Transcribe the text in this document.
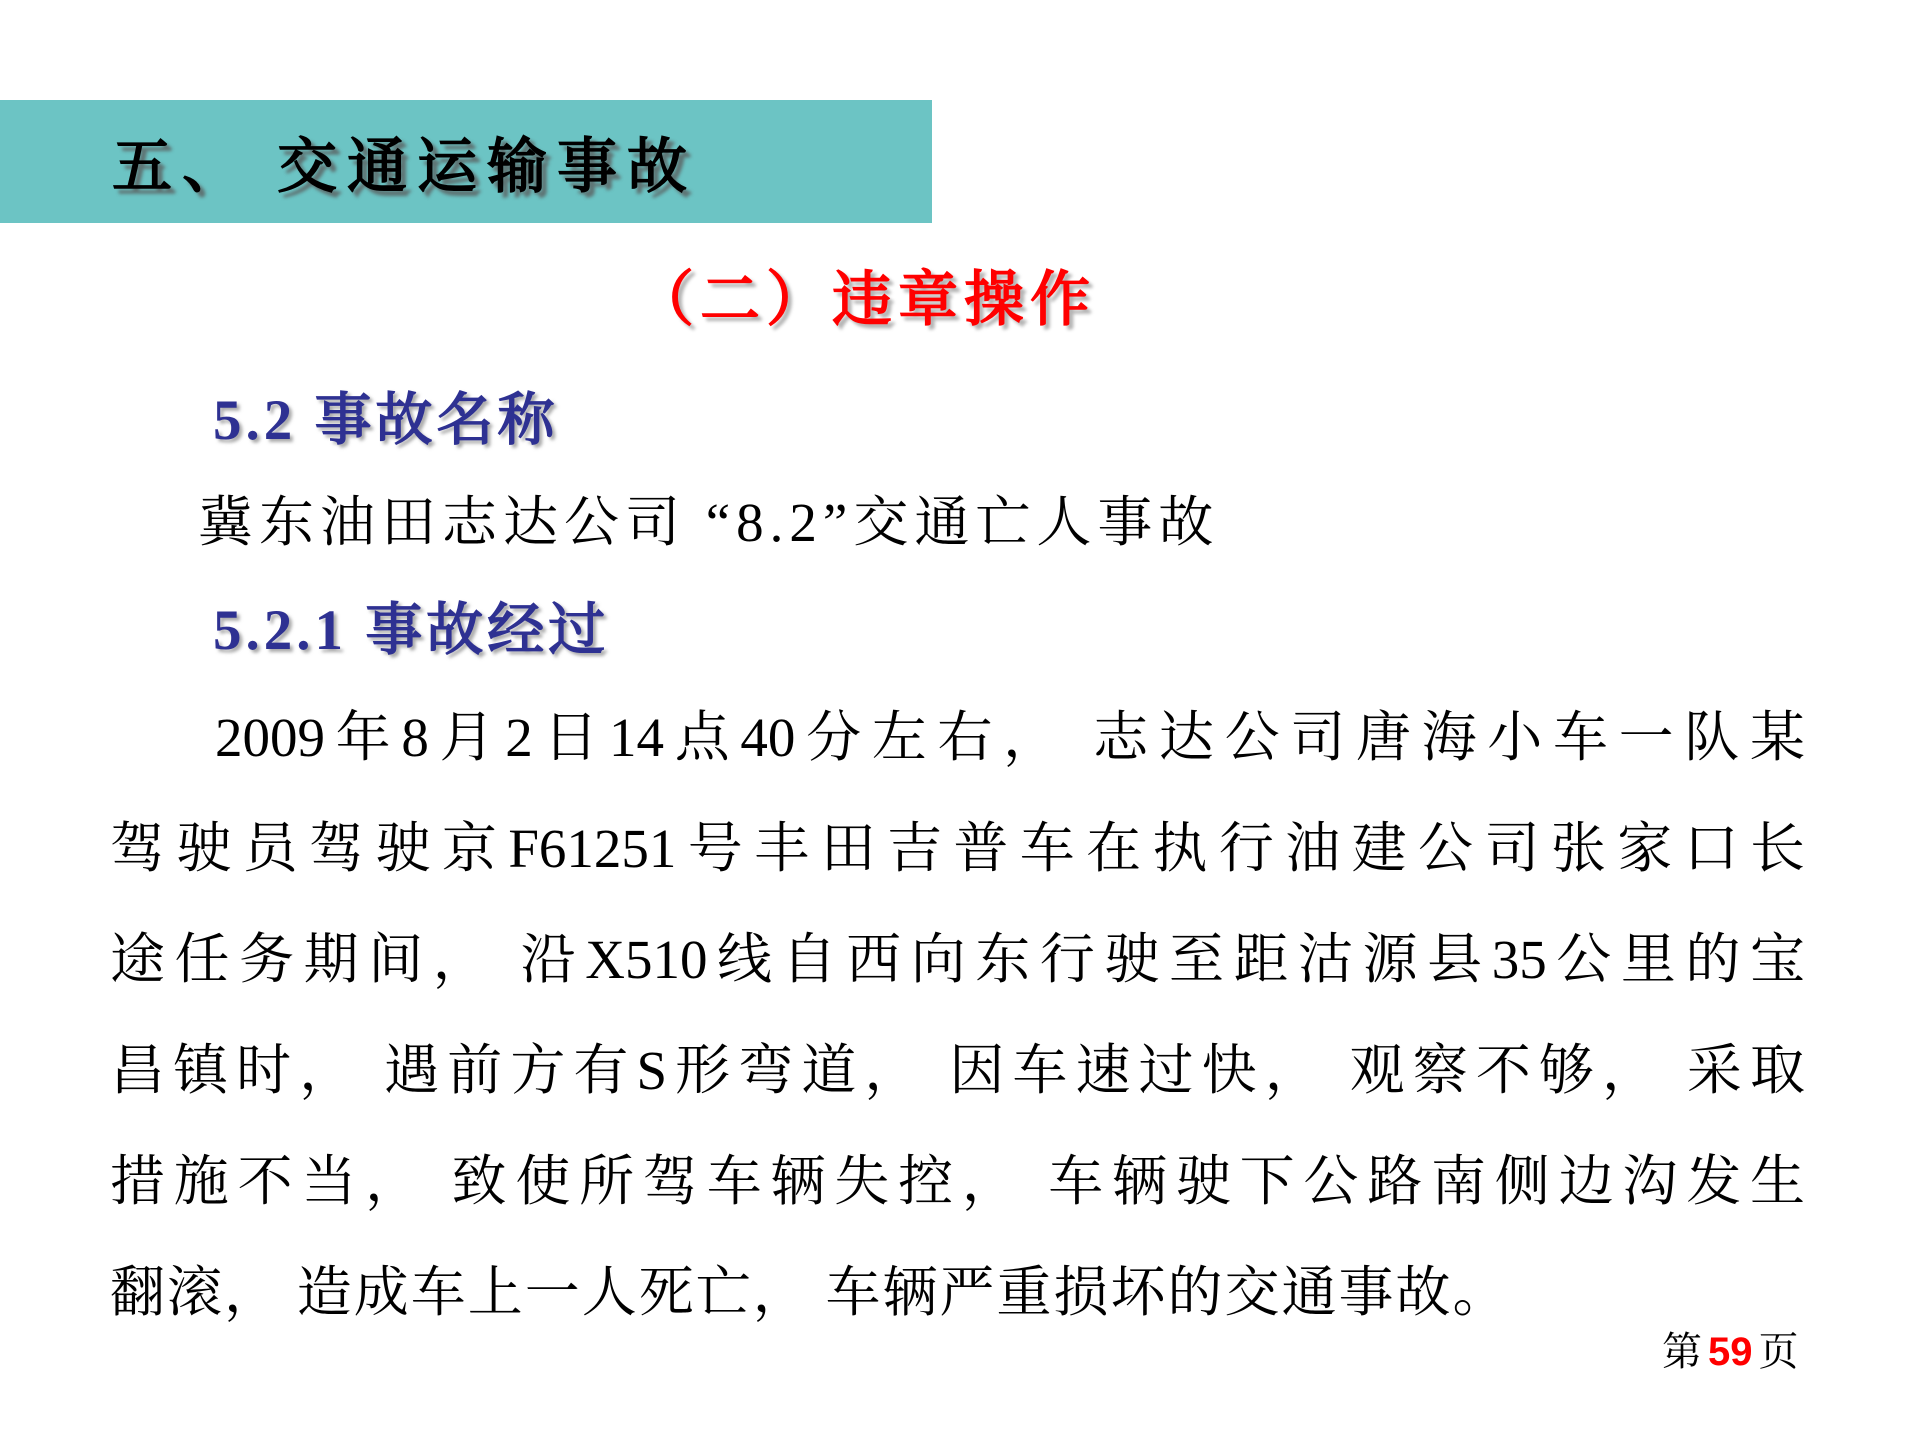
五、 交通运输事故
（二）违章操作
5.2 事故名称
冀东油田志达公司 “8.2”交通亡人事故
5.2.1 事故经过
2009年8月2日14点40分左右， 志达公司唐海小车一队某
驾驶员驾驶京F61251号丰田吉普车在执行油建公司张家口长
途任务期间， 沿X510线自西向东行驶至距沽源县35公里的宝
昌镇时， 遇前方有S形弯道， 因车速过快， 观察不够， 采取
措施不当， 致使所驾车辆失控， 车辆驶下公路南侧边沟发生
翻滚， 造成车上一人死亡， 车辆严重损坏的交通事故。
第 59 页
